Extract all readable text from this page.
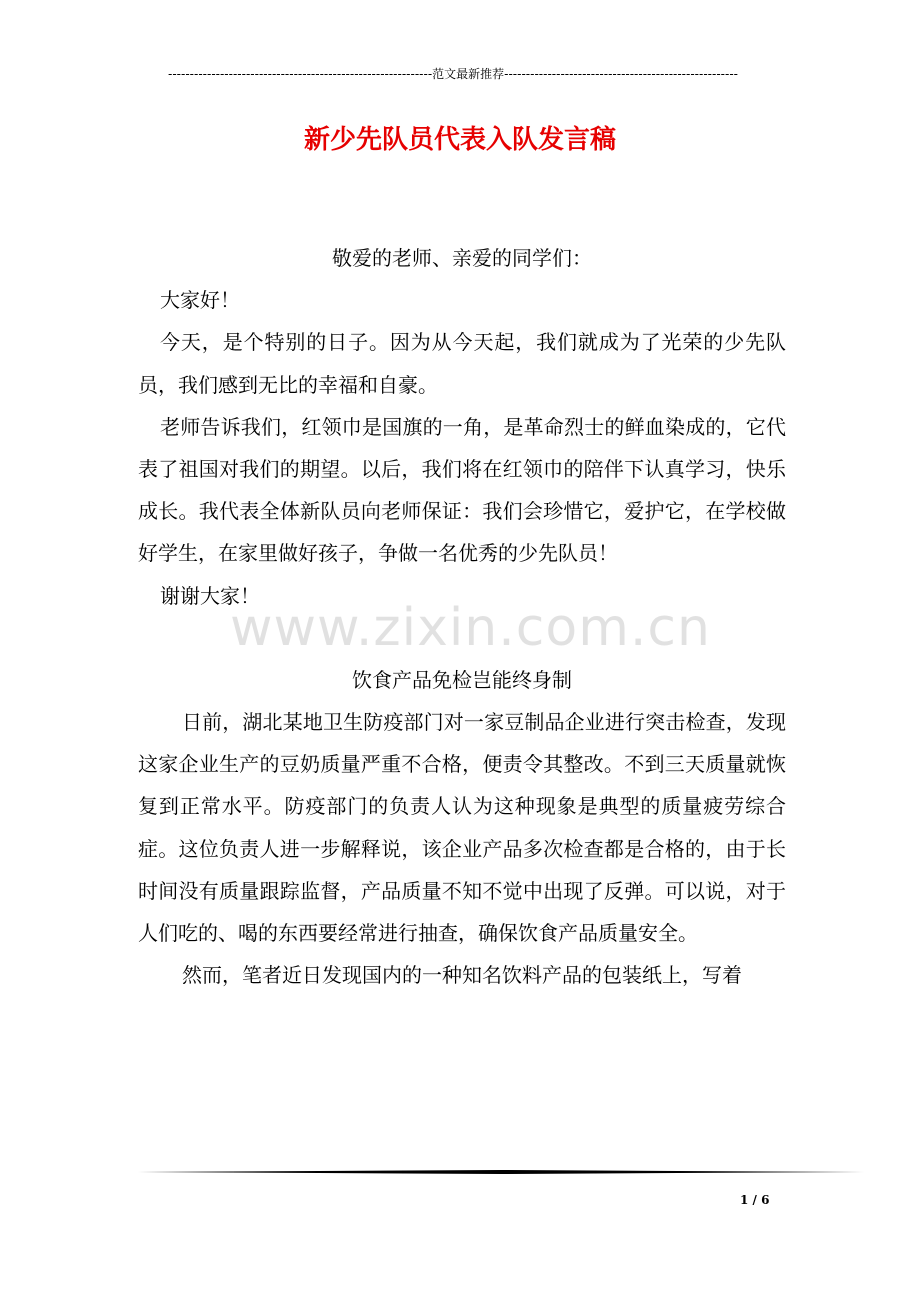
-------------------------------------------------------------范文最新推荐------------------------------------------------------
新少先队员代表入队发言稿

敬爱的老师、亲爱的同学们：

大家好！

今天，是个特别的日子。因为从今天起，我们就成为了光荣的少先队员，我们感到无比的幸福和自豪。

老师告诉我们，红领巾是国旗的一角，是革命烈士的鲜血染成的，它代表了祖国对我们的期望。以后，我们将在红领巾的陪伴下认真学习，快乐成长。我代表全体新队员向老师保证：我们会珍惜它，爱护它，在学校做好学生，在家里做好孩子，争做一名优秀的少先队员！

谢谢大家！

饮食产品免检岂能终身制

日前，湖北某地卫生防疫部门对一家豆制品企业进行突击检查，发现这家企业生产的豆奶质量严重不合格，便责令其整改。不到三天质量就恢复到正常水平。防疫部门的负责人认为这种现象是典型的质量疲劳综合症。这位负责人进一步解释说，该企业产品多次检查都是合格的，由于长时间没有质量跟踪监督，产品质量不知不觉中出现了反弹。可以说，对于人们吃的、喝的东西要经常进行抽查，确保饮食产品质量安全。

然而，笔者近日发现国内的一种知名饮料产品的包装纸上，写着

www.zixin.com.cn
1 / 6
